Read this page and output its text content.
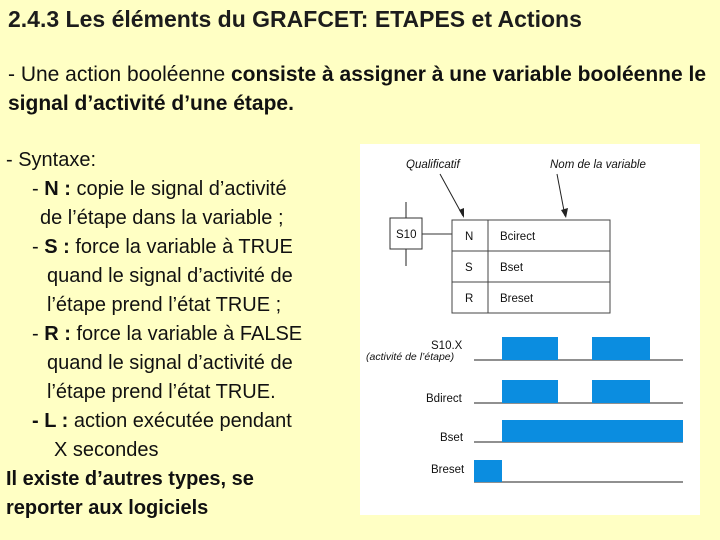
2.4.3 Les éléments du GRAFCET: ETAPES et Actions
- Une action booléenne consiste à assigner à une variable booléenne le signal d’activité d’une étape.
- Syntaxe:
- N : copie le signal d’activité
de l’étape dans la variable ;
- S : force la variable à TRUE
quand le signal d’activité de
l’étape prend l’état TRUE ;
- R : force la variable à FALSE
quand le signal d’activité de
l’étape prend l’état TRUE.
- L : action exécutée pendant
X secondes
Il existe d’autres types, se
reporter aux logiciels
Qualificatif	Nom de la variable
S10	N Bcirect
S Bset
R Breset
S10.X
(activité de l’étape)
Bdirect
Bset
Breset
